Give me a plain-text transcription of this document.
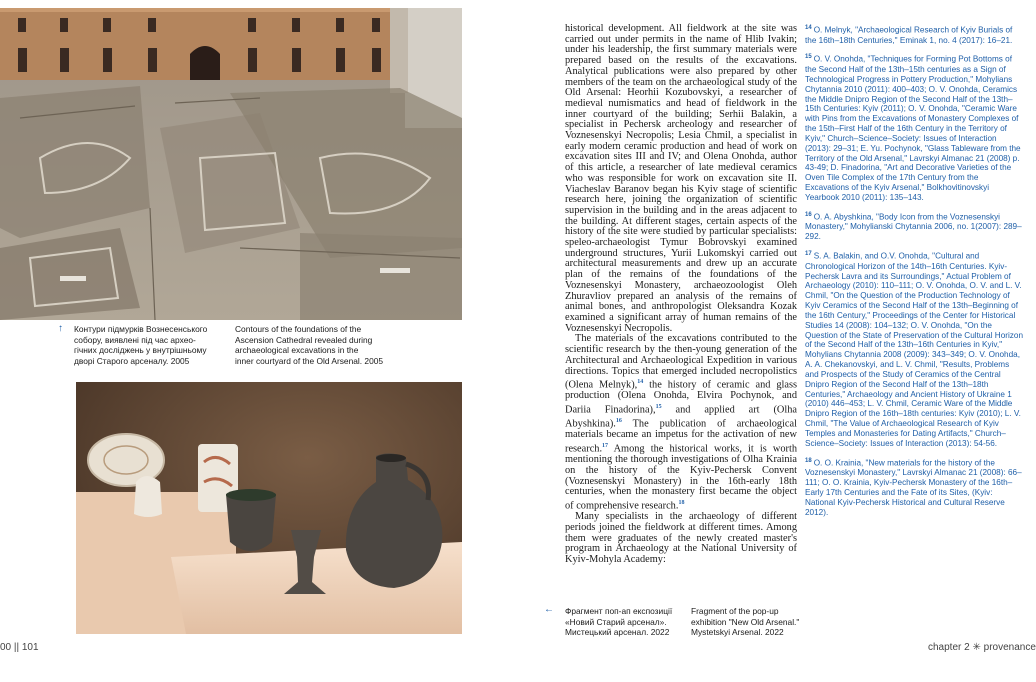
↑ Контури підмурків Вознесенського
собору, виявлені під час архео-
гічних досліджень у внутрішньому
дворі Старого арсеналу. 2005
Contours of the foundations of the
Ascension Cathedral revealed during
archaeological excavations in the
inner courtyard of the Old Arsenal. 2005
00 || 101

historical development. All fieldwork at the site was carried out under permits in the name of Hlib Ivakin; under his leadership, the first summary materials were prepared based on the results of the excavations. Analytical publications were also prepared by other members of the team on the archaeological study of the Old Arsenal: Heorhii Kozubovskyi, a researcher of medieval numismatics and head of fieldwork in the inner courtyard of the building; Serhii Balakin, a specialist in Pechersk archeology and researcher of Voznesenskyi Necropolis; Lesia Chmil, a specialist in early modern ceramic production and head of work on excavation sites III and IV; and Olena Onohda, author of this article, a researcher of late medieval ceramics who was responsible for work on excavation site II. Viacheslav Baranov began his Kyiv stage of scientific research here, joining the organization of scientific supervision in the building and in the areas adjacent to the building. At different stages, certain aspects of the history of the site were studied by particular specialists: speleo-archaeologist Tymur Bobrovskyi examined underground structures, Yurii Lukomskyi carried out architectural measurements and drew up an accurate plan of the remains of the foundations of the Voznesenskyi Monastery, archaeozoologist Oleh Zhuravliov prepared an analysis of the remains of animal bones, and anthropologist Oleksandra Kozak examined a significant array of human remains of the Voznesenskyi Necropolis.

The materials of the excavations contributed to the scientific research by the then-young generation of the Architectural and Archaeological Expedition in various directions. Topics that emerged included necropolistics (Olena Melnyk),$^{14}$ the history of ceramic and glass production (Olena Onohda, Elvira Pochynok, and Dariia Finadorina),$^{15}$ and applied art (Olha Abyshkina).$^{16}$ The publication of archaeological materials became an impetus for the activation of new research.$^{17}$ Among the historical works, it is worth mentioning the thorough investigations of Olha Krainia on the history of the Kyiv-Pechersk Convent (Voznesenskyi Monastery) in the 16th-early 18th centuries, when the monastery first became the object of comprehensive research.$^{18}$

Many specialists in the archaeology of different periods joined the fieldwork at different times. Among them were graduates of the newly created master's program in Archaeology at the National University of Kyiv-Mohyla Academy:

← Фрагмент поп-ап експозиції
«Новий Старий арсенал».
Мистецький арсенал. 2022
Fragment of the pop-up
exhibition "New Old Arsenal."
Mystetskyi Arsenal. 2022

$^{14}$ O. Melnyk, "Archaeological Research of Kyiv Burials of the 16th–18th Centuries," Eminak 1, no. 4 (2017): 16–21.

$^{15}$ O. V. Onohda, "Techniques for Forming Pot Bottoms of the Second Half of the 13th–15th centuries as a Sign of Technological Progress in Pottery Production," Mohylians Chytannia 2010 (2011): 400–403; O. V. Onohda, Ceramics the Middle Dnipro Region of the Second Half of the 13th–15th Centuries: Kyiv (2011); O. V. Onohda, "Ceramic Ware with Pins from the Excavations of Monastery Complexes of the 15th–First Half of the 16th Century in the Territory of Kyiv," Church–Science–Society: Issues of Interaction (2013): 29–31; E. Yu. Pochynok, "Glass Tableware from the Territory of the Old Arsenal," Lavrskyi Almanac 21 (2008) p. 43-49; D. Finadorina, "Art and Decorative Varieties of the Oven Tile Complex of the 17th Century from the Excavations of the Kyiv Arsenal," Bolkhovitinovskyi Yearbook 2010 (2011): 135–143.

$^{16}$ O. A. Abyshkina, "Body Icon from the Voznesenskyi Monastery," Mohylianski Chytannia 2006, no. 1(2007): 289–292.

$^{17}$ S. A. Balakin, and O.V. Onohda, "Cultural and Chronological Horizon of the 14th–16th Centuries. Kyiv-Pechersk Lavra and its Surroundings," Actual Problem of Archaeology (2010): 110–111; O. V. Onohda, O. V. and L. V. Chmil, "On the Question of the Production Technology of Kyiv Ceramics of the Second Half of the 13th–Beginning of the 16th Century," Proceedings of the Center for Historical Studies 14 (2008): 104–132; O. V. Onohda, "On the Question of the State of Preservation of the Cultural Horizon of the Second Half of the 13th–16th Centuries in Kyiv," Mohylians Chytannia 2008 (2009): 343–349; O. V. Onohda, A. A. Chekanovskyi, and L. V. Chmil, "Results, Problems and Prospects of the Study of Ceramics of the Central Dnipro Region of the Second Half of the 13th–18th Centuries," Archaeology and Ancient History of Ukraine 1 (2010) 446–453; L. V. Chmil, Ceramic Ware of the Middle Dnipro Region of the 16th–18th centuries: Kyiv (2010); L. V. Chmil, "The Value of Archaeological Research of Kyiv Temples and Monasteries for Dating Artifacts," Church–Science–Society: Issues of Interaction (2013): 54-56.

$^{18}$ O. O. Krainia, "New materials for the history of the Voznesenskyi Monastery," Lavrskyi Almanac 21 (2008): 66–111; O. O. Krainia, Kyiv-Pechersk Monastery of the 16th–Early 17th Centuries and the Fate of its Sites, (Kyiv: National Kyiv-Pechersk Historical and Cultural Reserve 2012).

chapter 2 ✳ provenance
